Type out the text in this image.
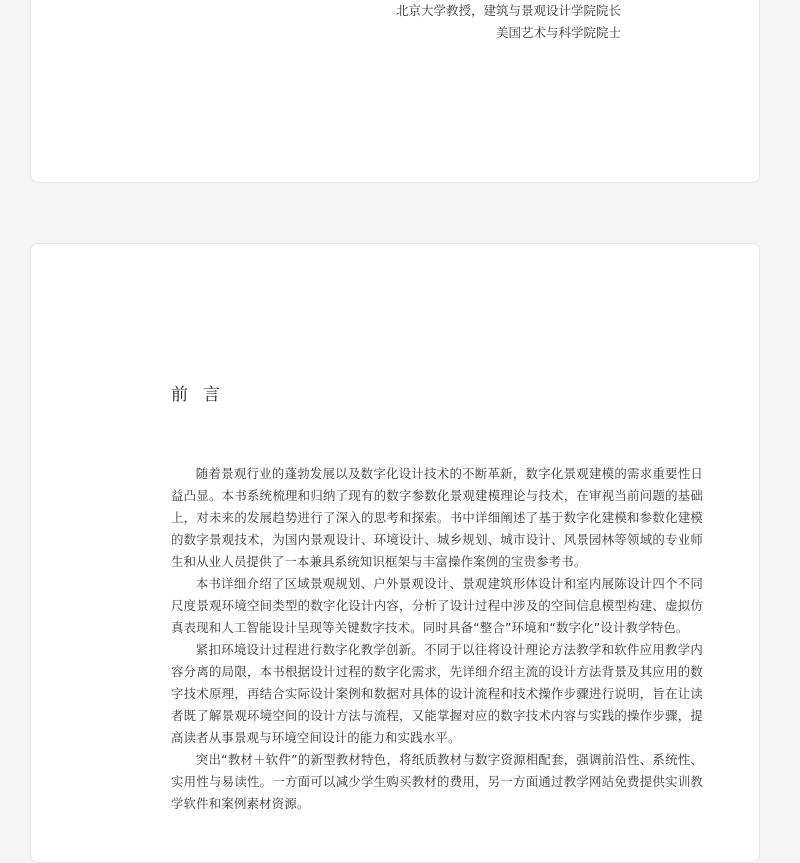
北京大学教授，建筑与景观设计学院院长
美国艺术与科学院院士
前言

随着景观行业的蓬勃发展以及数字化设计技术的不断革新，数字化景观建模的需求重要性日益凸显。本书系统梳理和归纳了现有的数字参数化景观建模理论与技术，在审视当前问题的基础上，对未来的发展趋势进行了深入的思考和探索。书中详细阐述了基于数字化建模和参数化建模的数字景观技术，为国内景观设计、环境设计、城乡规划、城市设计、风景园林等领域的专业师生和从业人员提供了一本兼具系统知识框架与丰富操作案例的宝贵参考书。

本书详细介绍了区域景观规划、户外景观设计、景观建筑形体设计和室内展陈设计四个不同尺度景观环境空间类型的数字化设计内容，分析了设计过程中涉及的空间信息模型构建、虚拟仿真表现和人工智能设计呈现等关键数字技术。同时具备“整合”环境和“数字化”设计教学特色。

紧扣环境设计过程进行数字化教学创新。不同于以往将设计理论方法教学和软件应用教学内容分离的局限，本书根据设计过程的数字化需求，先详细介绍主流的设计方法背景及其应用的数字技术原理，再结合实际设计案例和数据对具体的设计流程和技术操作步骤进行说明，旨在让读者既了解景观环境空间的设计方法与流程，又能掌握对应的数字技术内容与实践的操作步骤，提高读者从事景观与环境空间设计的能力和实践水平。

突出“教材＋软件”的新型教材特色，将纸质教材与数字资源相配套，强调前沿性、系统性、实用性与易读性。一方面可以减少学生购买教材的费用，另一方面通过教学网站免费提供实训教学软件和案例素材资源。
